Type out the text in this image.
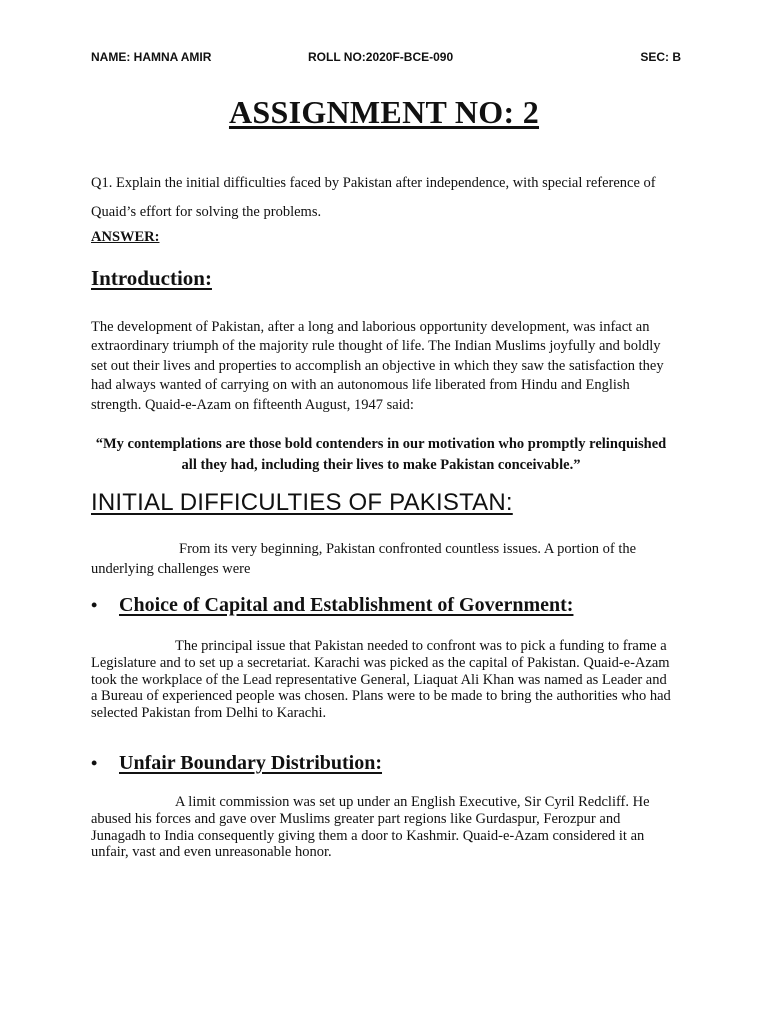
NAME: HAMNA AMIR	ROLL NO:2020F-BCE-090	SEC: B
ASSIGNMENT NO: 2
Q1. Explain the initial difficulties faced by Pakistan after independence, with special reference of Quaid’s effort for solving the problems.
ANSWER:
Introduction:
The development of Pakistan, after a long and laborious opportunity development, was infact an extraordinary triumph of the majority rule thought of life. The Indian Muslims joyfully and boldly set out their lives and properties to accomplish an objective in which they saw the satisfaction they had always wanted of carrying on with an autonomous life liberated from Hindu and English strength. Quaid-e-Azam on fifteenth August, 1947 said:
“My contemplations are those bold contenders in our motivation who promptly relinquished all they had, including their lives to make Pakistan conceivable.”
INITIAL DIFFICULTIES OF PAKISTAN:
From its very beginning, Pakistan confronted countless issues. A portion of the underlying challenges were
• Choice of Capital and Establishment of Government:
The principal issue that Pakistan needed to confront was to pick a funding to frame a Legislature and to set up a secretariat. Karachi was picked as the capital of Pakistan. Quaid-e-Azam took the workplace of the Lead representative General, Liaquat Ali Khan was named as Leader and a Bureau of experienced people was chosen. Plans were to be made to bring the authorities who had selected Pakistan from Delhi to Karachi.
• Unfair Boundary Distribution:
A limit commission was set up under an English Executive, Sir Cyril Redcliff. He abused his forces and gave over Muslims greater part regions like Gurdaspur, Ferozpur and Junagadh to India consequently giving them a door to Kashmir. Quaid-e-Azam considered it an unfair, vast and even unreasonable honor.
